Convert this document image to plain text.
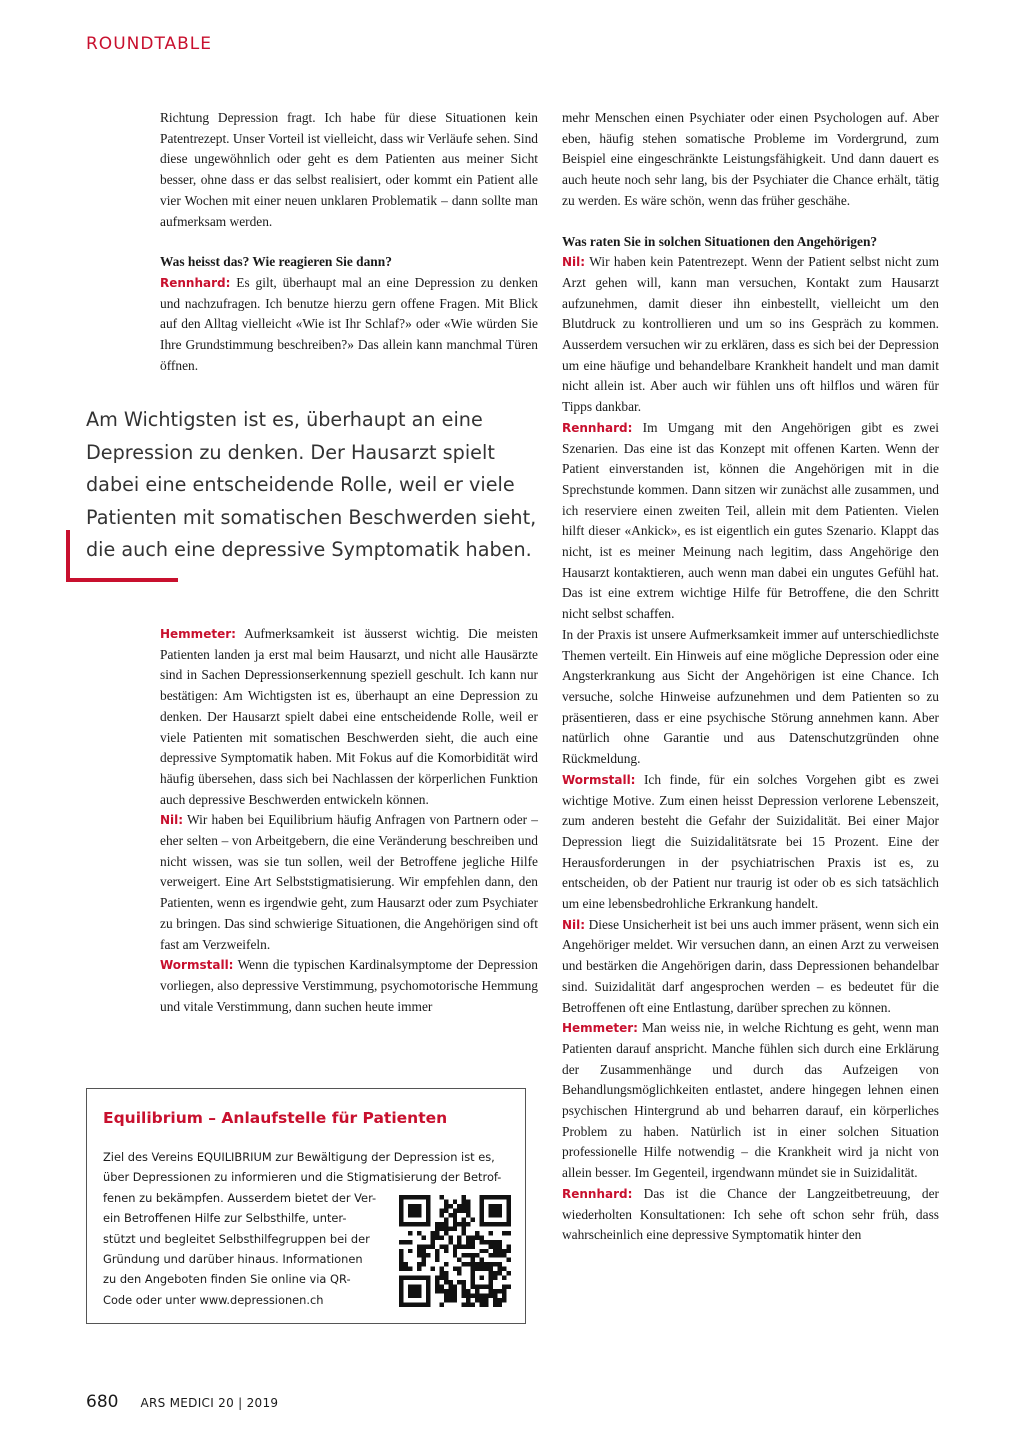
ROUNDTABLE

Richtung Depression fragt. Ich habe für diese Situationen kein Patentrezept. Unser Vorteil ist vielleicht, dass wir Verläufe sehen. Sind diese ungewöhnlich oder geht es dem Patienten aus meiner Sicht besser, ohne dass er das selbst realisiert, oder kommt ein Patient alle vier Wochen mit einer neuen unklaren Problematik – dann sollte man aufmerksam werden.

Was heisst das? Wie reagieren Sie dann?

Rennhard: Es gilt, überhaupt mal an eine Depression zu denken und nachzufragen. Ich benutze hierzu gern offene Fragen. Mit Blick auf den Alltag vielleicht «Wie ist Ihr Schlaf?» oder «Wie würden Sie Ihre Grundstimmung beschreiben?» Das allein kann manchmal Türen öffnen.

Am Wichtigsten ist es, überhaupt an eine

Depression zu denken. Der Hausarzt spielt

dabei eine entscheidende Rolle, weil er viele

Patienten mit somatischen Beschwerden sieht,

die auch eine depressive Symptomatik haben.

Hemmeter: Aufmerksamkeit ist äusserst wichtig. Die meisten Patienten landen ja erst mal beim Hausarzt, und nicht alle Hausärzte sind in Sachen Depressionserkennung speziell geschult. Ich kann nur bestätigen: Am Wichtigsten ist es, überhaupt an eine Depression zu denken. Der Hausarzt spielt dabei eine entscheidende Rolle, weil er viele Patienten mit somatischen Beschwerden sieht, die auch eine depressive Symptomatik haben. Mit Fokus auf die Komorbidität wird häufig übersehen, dass sich bei Nachlassen der körperlichen Funktion auch depressive Beschwerden entwickeln können.

Nil: Wir haben bei Equilibrium häufig Anfragen von Partnern oder – eher selten – von Arbeitgebern, die eine Veränderung beschreiben und nicht wissen, was sie tun sollen, weil der Betroffene jegliche Hilfe verweigert. Eine Art Selbststigmatisierung. Wir empfehlen dann, den Patienten, wenn es irgendwie geht, zum Hausarzt oder zum Psychiater zu bringen. Das sind schwierige Situationen, die Angehörigen sind oft fast am Verzweifeln.

Wormstall: Wenn die typischen Kardinalsymptome der Depression vorliegen, also depressive Verstimmung, psychomotorische Hemmung und vitale Verstimmung, dann suchen heute immer

Equilibrium – Anlaufstelle für Patienten
Ziel des Vereins EQUILIBRIUM zur Bewältigung der Depression ist es,
über Depressionen zu informieren und die Stigmatisierung der Betrof-
fenen zu bekämpfen. Ausserdem bietet der Ver-
ein Betroffenen Hilfe zur Selbsthilfe, unter-
stützt und begleitet Selbsthilfegruppen bei der
Gründung und darüber hinaus. Informationen
zu den Angeboten finden Sie online via QR-
Code oder unter www.depressionen.ch

mehr Menschen einen Psychiater oder einen Psychologen auf. Aber eben, häufig stehen somatische Probleme im Vordergrund, zum Beispiel eine eingeschränkte Leistungsfähigkeit. Und dann dauert es auch heute noch sehr lang, bis der Psychiater die Chance erhält, tätig zu werden. Es wäre schön, wenn das früher geschähe.

Was raten Sie in solchen Situationen den Angehörigen?

Nil: Wir haben kein Patentrezept. Wenn der Patient selbst nicht zum Arzt gehen will, kann man versuchen, Kontakt zum Hausarzt aufzunehmen, damit dieser ihn einbestellt, vielleicht um den Blutdruck zu kontrollieren und um so ins Gespräch zu kommen. Ausserdem versuchen wir zu erklären, dass es sich bei der Depression um eine häufige und behandelbare Krankheit handelt und man damit nicht allein ist. Aber auch wir fühlen uns oft hilflos und wären für Tipps dankbar.

Rennhard: Im Umgang mit den Angehörigen gibt es zwei Szenarien. Das eine ist das Konzept mit offenen Karten. Wenn der Patient einverstanden ist, können die Angehörigen mit in die Sprechstunde kommen. Dann sitzen wir zunächst alle zusammen, und ich reserviere einen zweiten Teil, allein mit dem Patienten. Vielen hilft dieser «Ankick», es ist eigentlich ein gutes Szenario. Klappt das nicht, ist es meiner Meinung nach legitim, dass Angehörige den Hausarzt kontaktieren, auch wenn man dabei ein ungutes Gefühl hat. Das ist eine extrem wichtige Hilfe für Betroffene, die den Schritt nicht selbst schaffen.

In der Praxis ist unsere Aufmerksamkeit immer auf unterschiedlichste Themen verteilt. Ein Hinweis auf eine mögliche Depression oder eine Angsterkrankung aus Sicht der Angehörigen ist eine Chance. Ich versuche, solche Hinweise aufzunehmen und dem Patienten so zu präsentieren, dass er eine psychische Störung annehmen kann. Aber natürlich ohne Garantie und aus Datenschutzgründen ohne Rückmeldung.

Wormstall: Ich finde, für ein solches Vorgehen gibt es zwei wichtige Motive. Zum einen heisst Depression verlorene Lebenszeit, zum anderen besteht die Gefahr der Suizidalität. Bei einer Major Depression liegt die Suizidalitätsrate bei 15 Prozent. Eine der Herausforderungen in der psychiatrischen Praxis ist es, zu entscheiden, ob der Patient nur traurig ist oder ob es sich tatsächlich um eine lebensbedrohliche Erkrankung handelt.

Nil: Diese Unsicherheit ist bei uns auch immer präsent, wenn sich ein Angehöriger meldet. Wir versuchen dann, an einen Arzt zu verweisen und bestärken die Angehörigen darin, dass Depressionen behandelbar sind. Suizidalität darf angesprochen werden – es bedeutet für die Betroffenen oft eine Entlastung, darüber sprechen zu können.

Hemmeter: Man weiss nie, in welche Richtung es geht, wenn man Patienten darauf anspricht. Manche fühlen sich durch eine Erklärung der Zusammenhänge und durch das Aufzeigen von Behandlungsmöglichkeiten entlastet, andere hingegen lehnen einen psychischen Hintergrund ab und beharren darauf, ein körperliches Problem zu haben. Natürlich ist in einer solchen Situation professionelle Hilfe notwendig – die Krankheit wird ja nicht von allein besser. Im Gegenteil, irgendwann mündet sie in Suizidalität.

Rennhard: Das ist die Chance der Langzeitbetreuung, der wiederholten Konsultationen: Ich sehe oft schon sehr früh, dass wahrscheinlich eine depressive Symptomatik hinter den

680 ARS MEDICI 20 | 2019
